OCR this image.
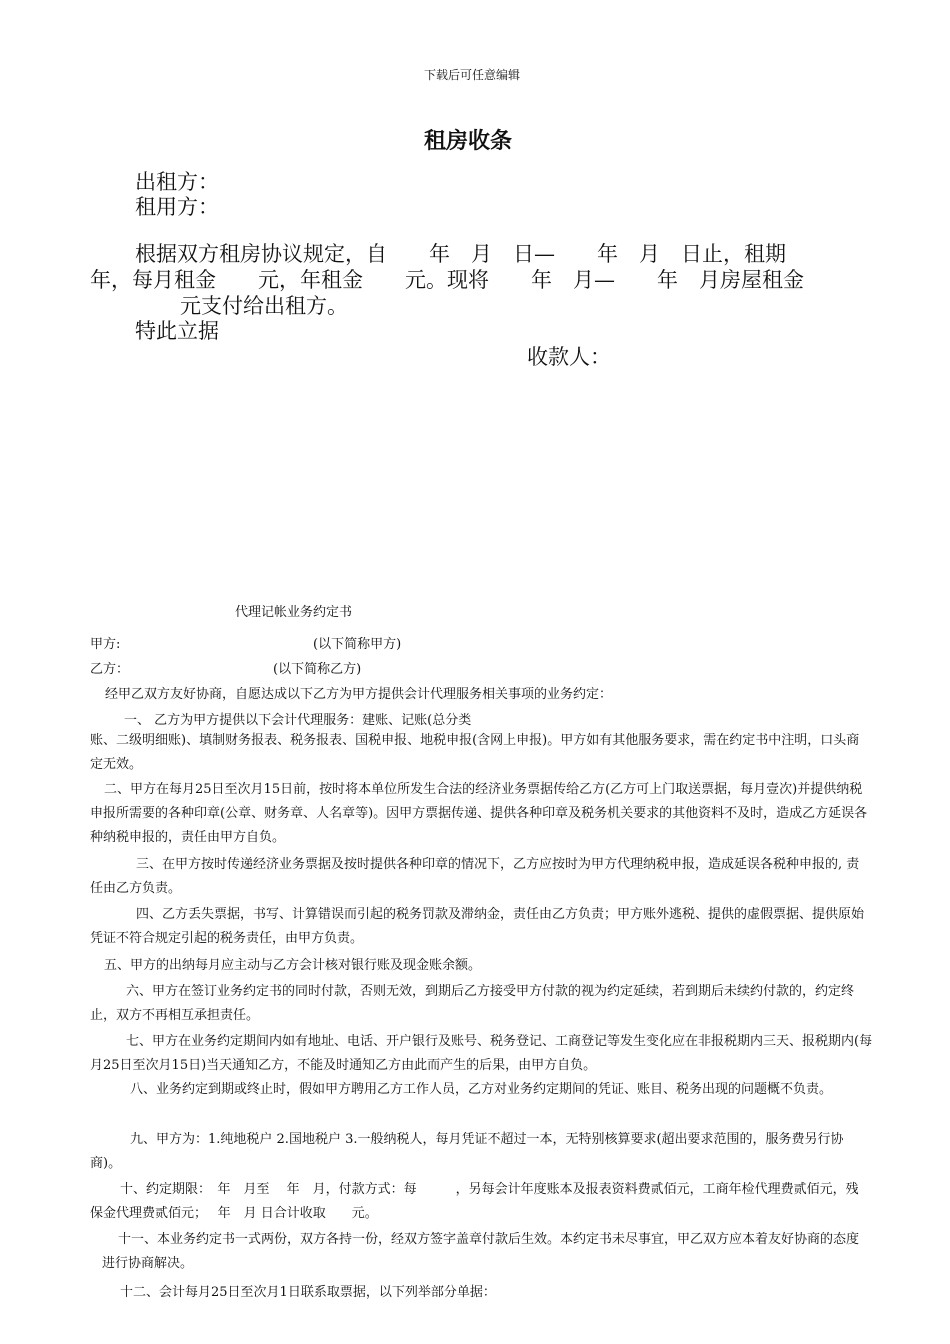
下载后可任意编辑
租房收条
出租方：
租用方：
根据双方租房协议规定，自　　年　月　日—　　年　月　日止，租期
年，每月租金　　元，年租金　　元。现将　　年　月—　　年　月房屋租金
元支付给出租方。
特此立据
收款人：
代理记帐业务约定书
甲方:	(以下简称甲方)
乙方：	(以下简称乙方)
经甲乙双方友好协商，自愿达成以下乙方为甲方提供会计代理服务相关事项的业务约定：
一、 乙方为甲方提供以下会计代理服务：建账、记账(总分类
账、二级明细账)、填制财务报表、税务报表、国税申报、地税申报(含网上申报)。甲方如有其他服务要求，需在约定书中注明，口头商定无效。
二、甲方在每月25日至次月15日前，按时将本单位所发生合法的经济业务票据传给乙方(乙方可上门取送票据，每月壹次)并提供纳税申报所需要的各种印章(公章、财务章、人名章等)。因甲方票据传递、提供各种印章及税务机关要求的其他资料不及时，造成乙方延误各种纳税申报的，责任由甲方自负。
三、在甲方按时传递经济业务票据及按时提供各种印章的情况下，乙方应按时为甲方代理纳税申报，造成延误各税种申报的, 责任由乙方负责。
四、乙方丢失票据，书写、计算错误而引起的税务罚款及滞纳金，责任由乙方负责；甲方账外逃税、提供的虚假票据、提供原始凭证不符合规定引起的税务责任，由甲方负责。
五、甲方的出纳每月应主动与乙方会计核对银行账及现金账余额。
六、甲方在签订业务约定书的同时付款，否则无效，到期后乙方接受甲方付款的视为约定延续，若到期后未续约付款的，约定终止，双方不再相互承担责任。
七、甲方在业务约定期间内如有地址、电话、开户银行及账号、税务登记、工商登记等发生变化应在非报税期内三天、报税期内(每月25日至次月15日)当天通知乙方，不能及时通知乙方由此而产生的后果，由甲方自负。
八、业务约定到期或终止时，假如甲方聘用乙方工作人员，乙方对业务约定期间的凭证、账目、税务出现的问题概不负责。
九、甲方为：1.纯地税户 2.国地税户 3.一般纳税人，每月凭证不超过一本，无特别核算要求(超出要求范围的，服务费另行协商)。
十、约定期限：　年　月至　 年　月，付款方式：每　　　，另每会计年度账本及报表资料费贰佰元，工商年检代理费贰佰元，残保金代理费贰佰元；　 年　月 日合计收取　　元。
十一、本业务约定书一式两份，双方各持一份，经双方签字盖章付款后生效。本约定书未尽事宜，甲乙双方应本着友好协商的态度进行协商解决。
十二、会计每月25日至次月1日联系取票据，以下列举部分单据：
